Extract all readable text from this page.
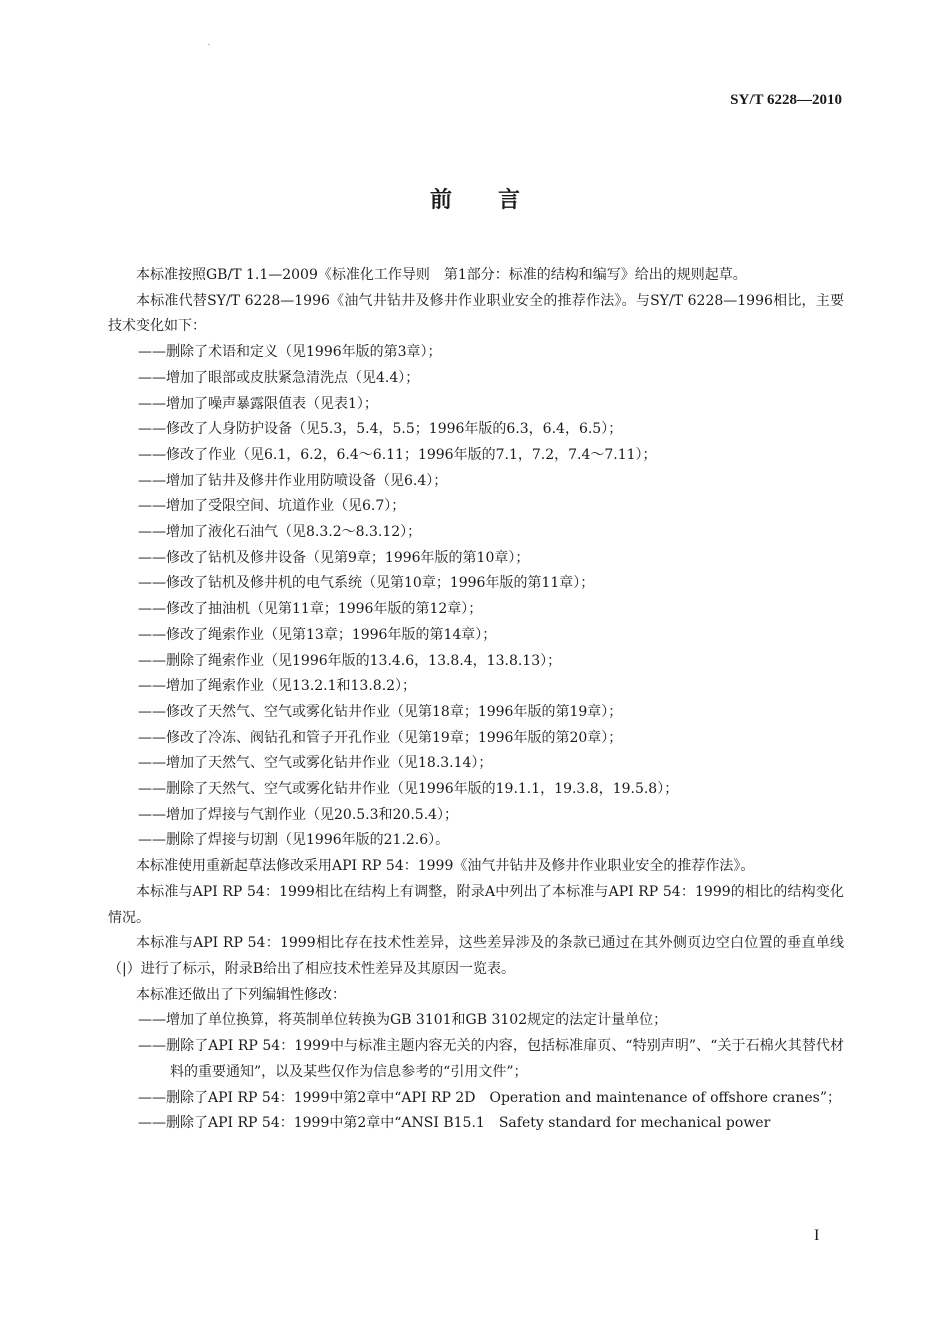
SY/T 6228—2010
前言

本标准按照GB/T 1.1—2009《标准化工作导则　第1部分：标准的结构和编写》给出的规则起草。

本标准代替SY/T 6228—1996《油气井钻井及修井作业职业安全的推荐作法》。与SY/T 6228—1996相比，主要技术变化如下：

——删除了术语和定义（见1996年版的第3章）；

——增加了眼部或皮肤紧急清洗点（见4.4）；

——增加了噪声暴露限值表（见表1）；

——修改了人身防护设备（见5.3，5.4，5.5；1996年版的6.3，6.4，6.5）；

——修改了作业（见6.1，6.2，6.4～6.11；1996年版的7.1，7.2，7.4～7.11）；

——增加了钻井及修井作业用防喷设备（见6.4）；

——增加了受限空间、坑道作业（见6.7）；

——增加了液化石油气（见8.3.2～8.3.12）；

——修改了钻机及修井设备（见第9章；1996年版的第10章）；

——修改了钻机及修井机的电气系统（见第10章；1996年版的第11章）；

——修改了抽油机（见第11章；1996年版的第12章）；

——修改了绳索作业（见第13章；1996年版的第14章）；

——删除了绳索作业（见1996年版的13.4.6，13.8.4，13.8.13）；

——增加了绳索作业（见13.2.1和13.8.2）；

——修改了天然气、空气或雾化钻井作业（见第18章；1996年版的第19章）；

——修改了冷冻、阀钻孔和管子开孔作业（见第19章；1996年版的第20章）；

——增加了天然气、空气或雾化钻井作业（见18.3.14）；

——删除了天然气、空气或雾化钻井作业（见1996年版的19.1.1，19.3.8，19.5.8）；

——增加了焊接与气割作业（见20.5.3和20.5.4）；

——删除了焊接与切割（见1996年版的21.2.6）。

本标准使用重新起草法修改采用API RP 54：1999《油气井钻井及修井作业职业安全的推荐作法》。

本标准与API RP 54：1999相比在结构上有调整，附录A中列出了本标准与API RP 54：1999的相比的结构变化情况。

本标准与API RP 54：1999相比存在技术性差异，这些差异涉及的条款已通过在其外侧页边空白位置的垂直单线（|）进行了标示，附录B给出了相应技术性差异及其原因一览表。

本标准还做出了下列编辑性修改：

——增加了单位换算，将英制单位转换为GB 3101和GB 3102规定的法定计量单位；

——删除了API RP 54：1999中与标准主题内容无关的内容，包括标准扉页、“特别声明”、“关于石棉火其替代材料的重要通知”，以及某些仅作为信息参考的“引用文件”；

——删除了API RP 54：1999中第2章中“API RP 2D　Operation and maintenance of offshore cranes”；

——删除了API RP 54：1999中第2章中“ANSI B15.1　Safety standard for mechanical power

I
